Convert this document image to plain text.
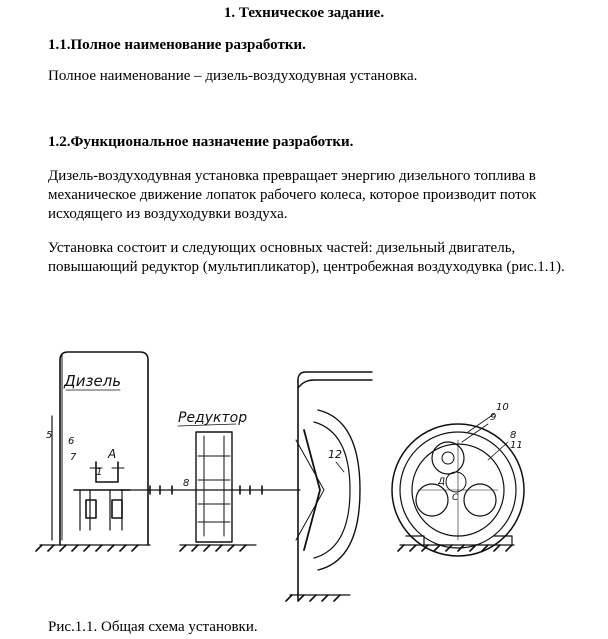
1. Техническое задание.
1.1.Полное наименование разработки.
Полное наименование – дизель-воздуходувная установка.
1.2.Функциональное назначение разработки.
Дизель-воздуходувная установка превращает энергию дизельного топлива в механическое движение лопаток рабочего колеса, которое производит поток исходящего из воздуходувки воздуха.
Установка состоит и следующих основных частей: дизельный двигатель, повышающий редуктор (мультипликатор), центробежная воздуходувка (рис.1.1).
Дизель
А
1
6
7
5
Редуктор
8
12
Д
С
10
9
8
11
Рис.1.1. Общая схема установки.
